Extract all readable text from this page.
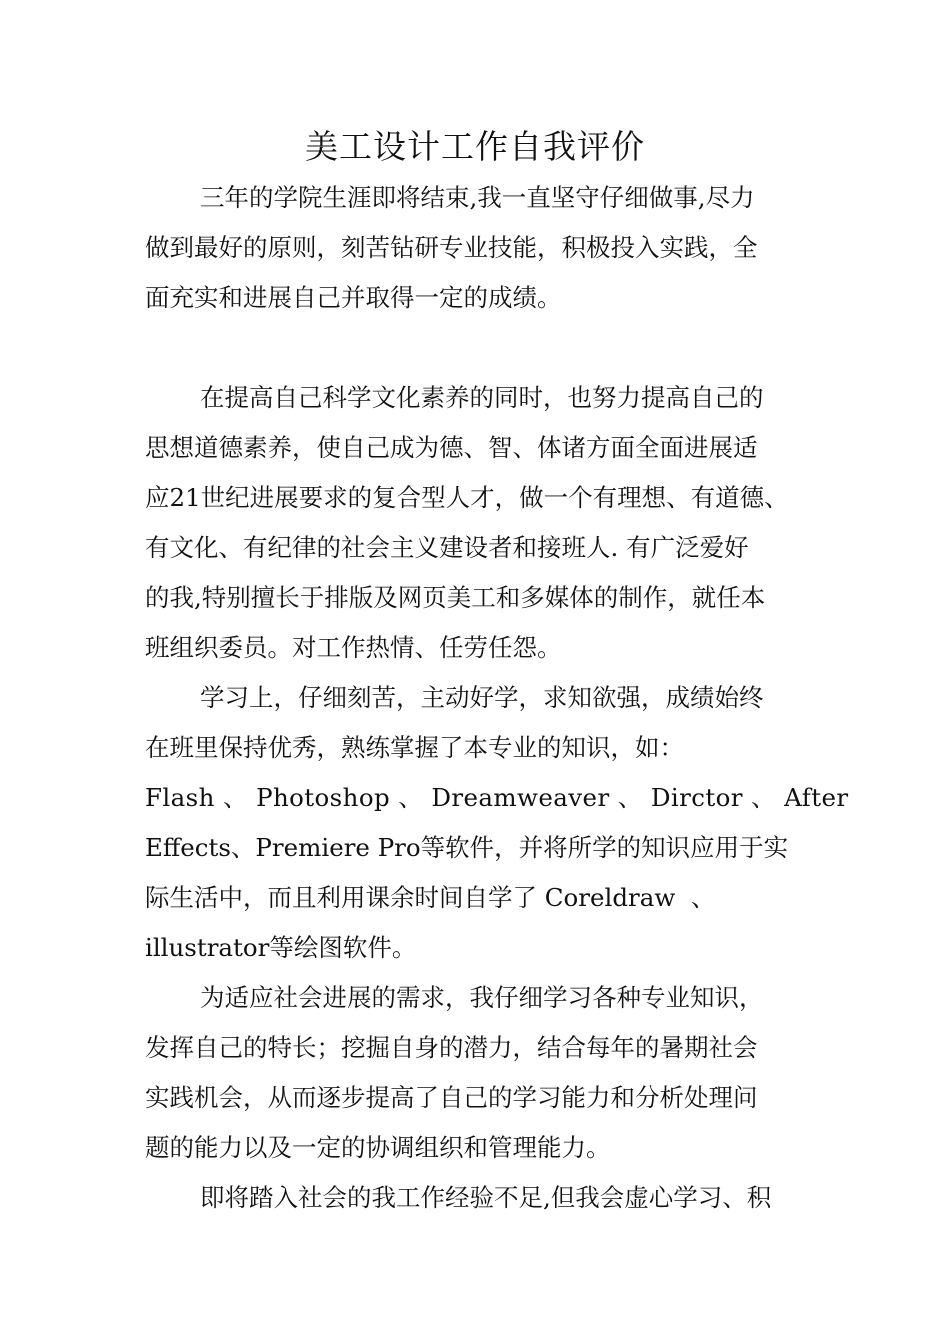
美工设计工作自我评价

三年的学院生涯即将结束,我一直坚守仔细做事,尽力

做到最好的原则，刻苦钻研专业技能，积极投入实践，全

面充实和进展自己并取得一定的成绩。

在提高自己科学文化素养的同时，也努力提高自己的

思想道德素养，使自己成为德、智、体诸方面全面进展适

应21世纪进展要求的复合型人才，做一个有理想、有道德、

有文化、有纪律的社会主义建设者和接班人. 有广泛爱好

的我,特别擅长于排版及网页美工和多媒体的制作，就任本

班组织委员。对工作热情、任劳任怨。

学习上，仔细刻苦，主动好学，求知欲强，成绩始终

在班里保持优秀，熟练掌握了本专业的知识，如：

Flash 、 Photoshop 、 Dreamweaver 、 Dirctor 、 After

Effects、Premiere Pro等软件，并将所学的知识应用于实

际生活中，而且利用课余时间自学了 Coreldraw  、

illustrator等绘图软件。

为适应社会进展的需求，我仔细学习各种专业知识，

发挥自己的特长；挖掘自身的潜力，结合每年的暑期社会

实践机会，从而逐步提高了自己的学习能力和分析处理问

题的能力以及一定的协调组织和管理能力。

即将踏入社会的我工作经验不足,但我会虚心学习、积
